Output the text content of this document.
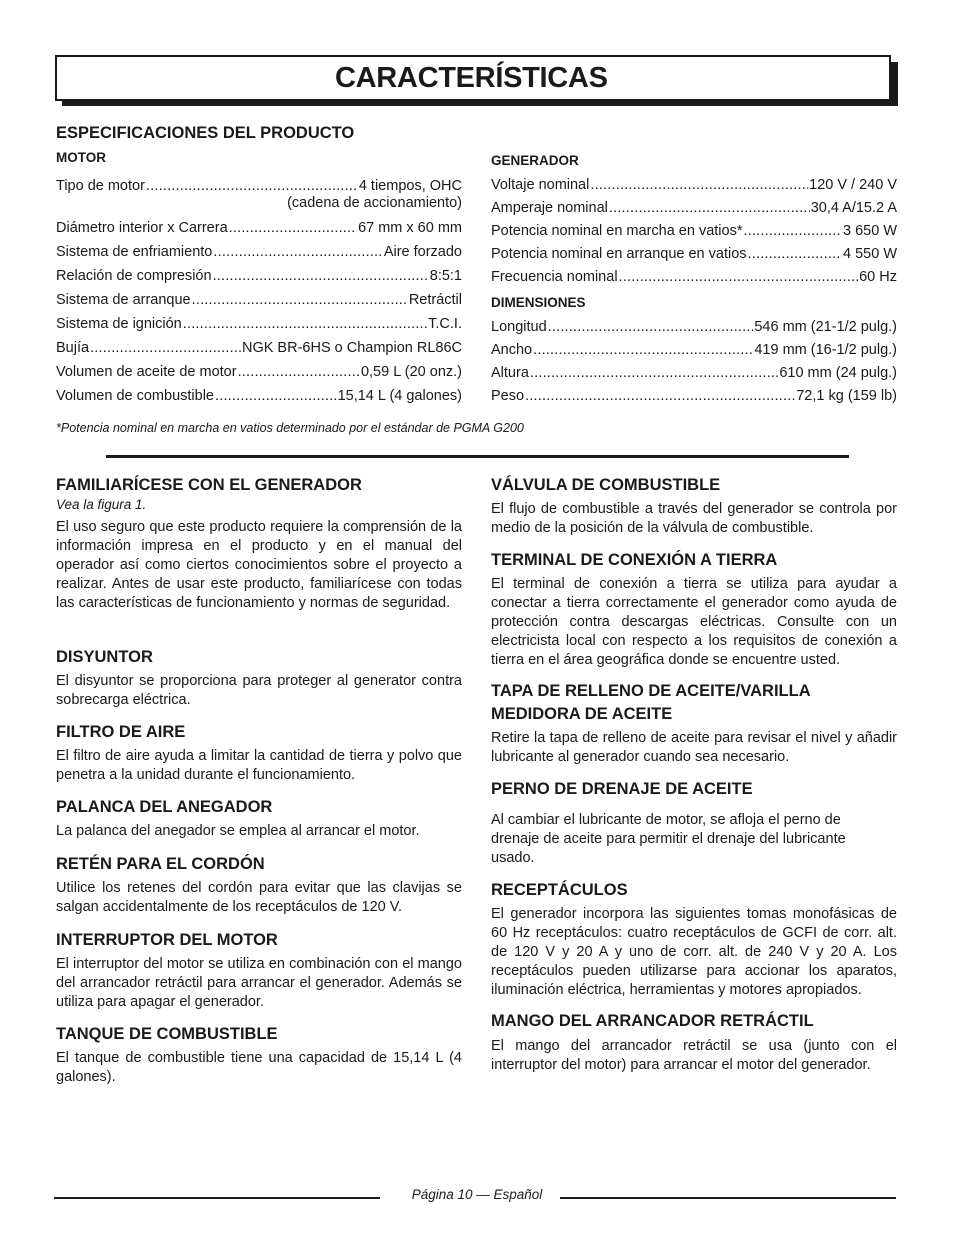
CARACTERÍSTICAS
ESPECIFICACIONES DEL PRODUCTO
MOTOR
Tipo de motor .....	4 tiempos, OHC
(cadena de accionamiento)
Diámetro interior x Carrera .....	67 mm x 60 mm
Sistema de enfriamiento .....	Aire forzado
Relación de compresión .....	8:5:1
Sistema de arranque .....	Retráctil
Sistema de ignición .....	T.C.I.
Bujía .....	NGK BR-6HS o Champion RL86C
Volumen de aceite de motor .....	0,59 L (20 onz.)
Volumen de combustible .....	15,14 L (4 galones)
GENERADOR
Voltaje nominal .....	120 V / 240 V
Amperaje nominal .....	30,4 A/15.2 A
Potencia nominal en marcha en vatios* .....	3 650 W
Potencia nominal en arranque en vatios .....	4 550 W
Frecuencia nominal .....	60 Hz
DIMENSIONES
Longitud .....	546 mm (21-1/2 pulg.)
Ancho .....	419 mm (16-1/2 pulg.)
Altura .....	610 mm (24 pulg.)
Peso .....	72,1 kg (159 lb)
*Potencia nominal en marcha en vatios determinado por el estándar de PGMA G200
FAMILIARÍCESE CON EL GENERADOR
Vea la figura 1.

El uso seguro que este producto requiere la comprensión de la información impresa en el producto y en el manual del operador así como ciertos conocimientos sobre el proyecto a realizar. Antes de usar este producto, familiarícese con todas las características de funcionamiento y normas de seguridad.

DISYUNTOR

El disyuntor se proporciona para proteger al generator contra sobrecarga eléctrica.

FILTRO DE AIRE

El filtro de aire ayuda a limitar la cantidad de tierra y polvo que penetra a la unidad durante el funcionamiento.

PALANCA DEL ANEGADOR

La palanca del anegador se emplea al arrancar el motor.

RETÉN PARA EL CORDÓN

Utilice los retenes del cordón para evitar que las clavijas se salgan accidentalmente de los receptáculos de 120 V.

INTERRUPTOR DEL MOTOR

El interruptor del motor se utiliza en combinación con el mango del arrancador retráctil para arrancar el generador. Además se utiliza para apagar el generador.

TANQUE DE COMBUSTIBLE

El tanque de combustible tiene una capacidad de 15,14 L (4 galones).

VÁLVULA DE COMBUSTIBLE

El flujo de combustible a través del generador se controla por medio de la posición de la válvula de combustible.

TERMINAL DE CONEXIÓN A TIERRA

El terminal de conexión a tierra se utiliza para ayudar a conectar a tierra correctamente el generador como ayuda de protección contra descargas eléctricas. Consulte con un electricista local con respecto a los requisitos de conexión a tierra en el área geográfica donde se encuentre usted.

TAPA DE RELLENO DE ACEITE/VARILLA MEDIDORA DE ACEITE

Retire la tapa de relleno de aceite para revisar el nivel y añadir lubricante al generador cuando sea necesario.

PERNO DE DRENAJE DE ACEITE

Al cambiar el lubricante de motor, se afloja el perno de drenaje de aceite para permitir el drenaje del lubricante usado.

RECEPTÁCULOS

El generador incorpora las siguientes tomas monofásicas de 60 Hz receptáculos: cuatro receptáculos de GCFI de corr. alt. de 120 V y 20 A y uno de corr. alt. de 240 V y 20 A. Los receptáculos pueden utilizarse para accionar los aparatos, iluminación eléctrica, herramientas y motores apropiados.

MANGO DEL ARRANCADOR RETRÁCTIL

El mango del arrancador retráctil se usa (junto con el interruptor del motor) para arrancar el motor del generador.

Página 10 — Español
